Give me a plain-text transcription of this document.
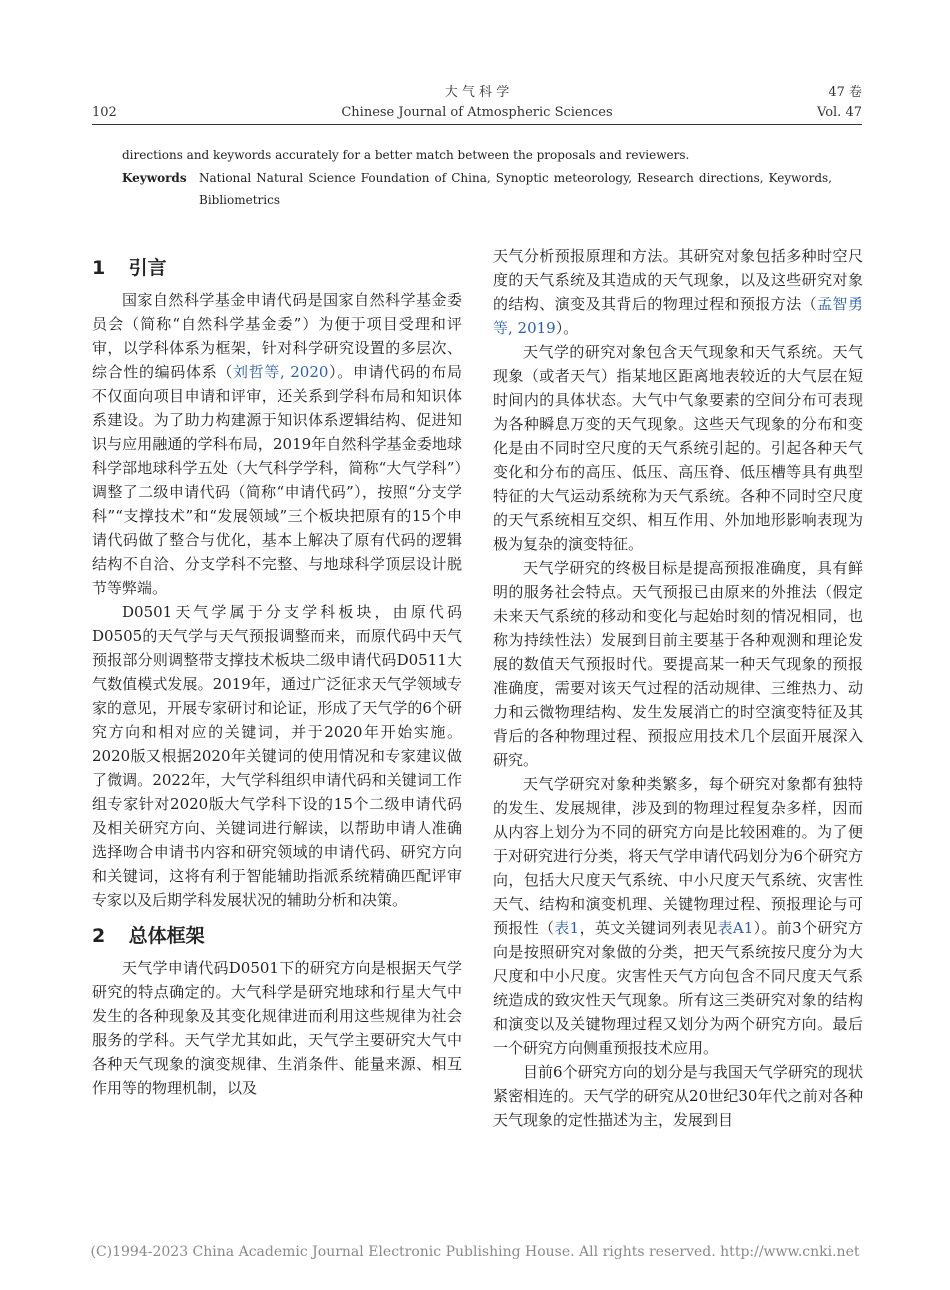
大 气 科 学	47 卷
102	Chinese Journal of Atmospheric Sciences	Vol. 47
directions and keywords accurately for a better match between the proposals and reviewers.
Keywords National Natural Science Foundation of China, Synoptic meteorology, Research directions, Keywords, Bibliometrics
1 引言

国家自然科学基金申请代码是国家自然科学基金委员会（简称“自然科学基金委”）为便于项目受理和评审，以学科体系为框架，针对科学研究设置的多层次、综合性的编码体系（刘哲等, 2020）。申请代码的布局不仅面向项目申请和评审，还关系到学科布局和知识体系建设。为了助力构建源于知识体系逻辑结构、促进知识与应用融通的学科布局，2019年自然科学基金委地球科学部地球科学五处（大气科学学科，简称“大气学科”）调整了二级申请代码（简称“申请代码”），按照“分支学科”“支撑技术”和“发展领域”三个板块把原有的15个申请代码做了整合与优化，基本上解决了原有代码的逻辑结构不自洽、分支学科不完整、与地球科学顶层设计脱节等弊端。

D0501天气学属于分支学科板块，由原代码D0505的天气学与天气预报调整而来，而原代码中天气预报部分则调整带支撑技术板块二级申请代码D0511大气数值模式发展。2019年，通过广泛征求天气学领域专家的意见，开展专家研讨和论证，形成了天气学的6个研究方向和相对应的关键词，并于2020年开始实施。2020版又根据2020年关键词的使用情况和专家建议做了微调。2022年，大气学科组织申请代码和关键词工作组专家针对2020版大气学科下设的15个二级申请代码及相关研究方向、关键词进行解读，以帮助申请人准确选择吻合申请书内容和研究领域的申请代码、研究方向和关键词，这将有利于智能辅助指派系统精确匹配评审专家以及后期学科发展状况的辅助分析和决策。

2 总体框架

天气学申请代码D0501下的研究方向是根据天气学研究的特点确定的。大气科学是研究地球和行星大气中发生的各种现象及其变化规律进而利用这些规律为社会服务的学科。天气学尤其如此，天气学主要研究大气中各种天气现象的演变规律、生消条件、能量来源、相互作用等的物理机制，以及

天气分析预报原理和方法。其研究对象包括多种时空尺度的天气系统及其造成的天气现象，以及这些研究对象的结构、演变及其背后的物理过程和预报方法（孟智勇等, 2019）。

天气学的研究对象包含天气现象和天气系统。天气现象（或者天气）指某地区距离地表较近的大气层在短时间内的具体状态。大气中气象要素的空间分布可表现为各种瞬息万变的天气现象。这些天气现象的分布和变化是由不同时空尺度的天气系统引起的。引起各种天气变化和分布的高压、低压、高压脊、低压槽等具有典型特征的大气运动系统称为天气系统。各种不同时空尺度的天气系统相互交织、相互作用、外加地形影响表现为极为复杂的演变特征。

天气学研究的终极目标是提高预报准确度，具有鲜明的服务社会特点。天气预报已由原来的外推法（假定未来天气系统的移动和变化与起始时刻的情况相同，也称为持续性法）发展到目前主要基于各种观测和理论发展的数值天气预报时代。要提高某一种天气现象的预报准确度，需要对该天气过程的活动规律、三维热力、动力和云微物理结构、发生发展消亡的时空演变特征及其背后的各种物理过程、预报应用技术几个层面开展深入研究。

天气学研究对象种类繁多，每个研究对象都有独特的发生、发展规律，涉及到的物理过程复杂多样，因而从内容上划分为不同的研究方向是比较困难的。为了便于对研究进行分类，将天气学申请代码划分为6个研究方向，包括大尺度天气系统、中小尺度天气系统、灾害性天气、结构和演变机理、关键物理过程、预报理论与可预报性（表1，英文关键词列表见表A1）。前3个研究方向是按照研究对象做的分类，把天气系统按尺度分为大尺度和中小尺度。灾害性天气方向包含不同尺度天气系统造成的致灾性天气现象。所有这三类研究对象的结构和演变以及关键物理过程又划分为两个研究方向。最后一个研究方向侧重预报技术应用。

目前6个研究方向的划分是与我国天气学研究的现状紧密相连的。天气学的研究从20世纪30年代之前对各种天气现象的定性描述为主，发展到目

(C)1994-2023 China Academic Journal Electronic Publishing House. All rights reserved. http://www.cnki.net
